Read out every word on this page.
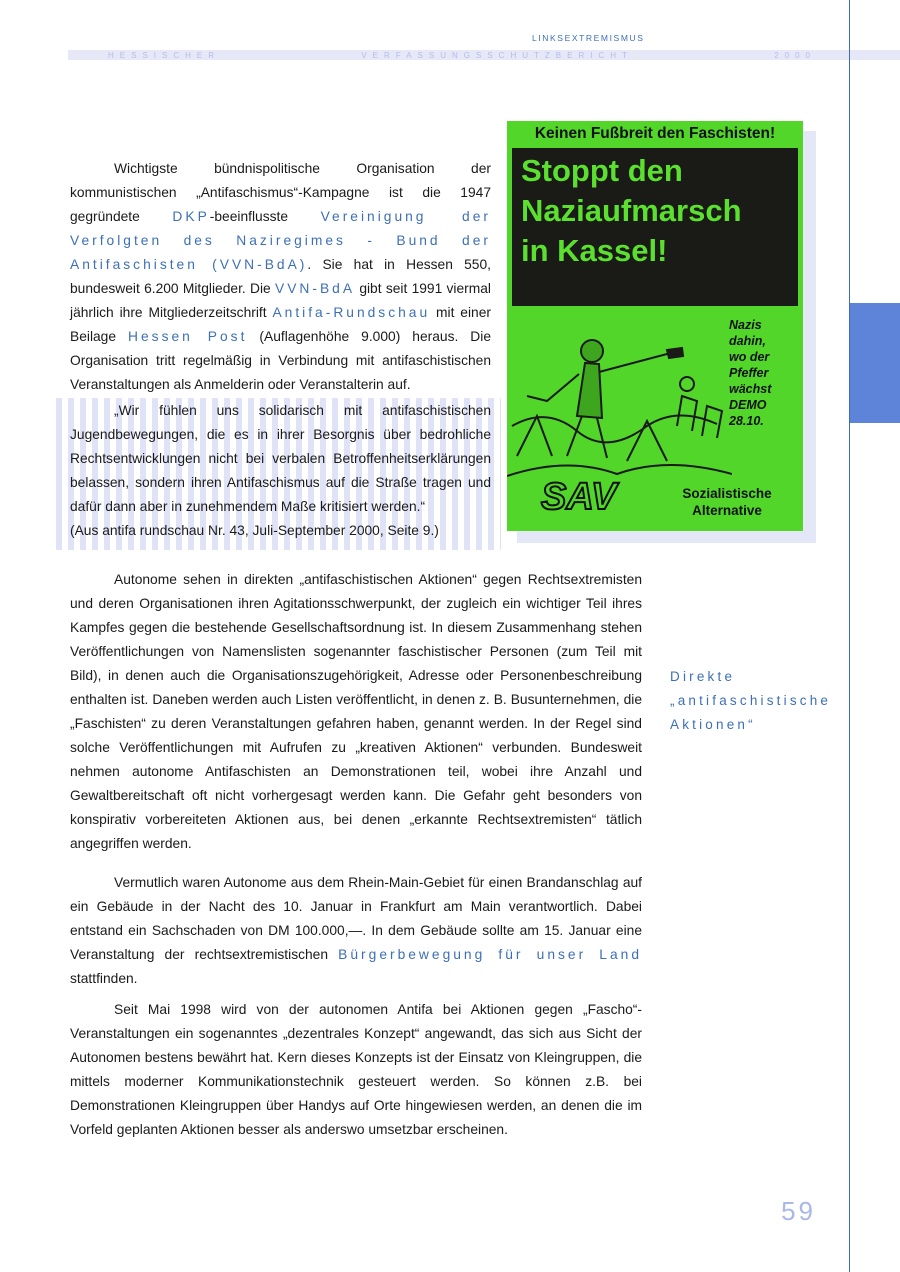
LINKSEXTREMISMUS
HESSISCHER	VERFASSUNGSSCHUTZBERICHT	2000

Wichtigste bündnispolitische Organisation der kommunistischen „Antifaschismus“-Kampagne ist die 1947 gegründete DKP-beeinflusste Vereinigung der Verfolgten des Naziregimes - Bund der Antifaschisten (VVN-BdA). Sie hat in Hessen 550, bundesweit 6.200 Mitglieder. Die VVN-BdA gibt seit 1991 viermal jährlich ihre Mitgliederzeitschrift Antifa-Rundschau mit einer Beilage Hessen Post (Auflagenhöhe 9.000) heraus. Die Organisation tritt regelmäßig in Verbindung mit antifaschistischen Veranstaltungen als Anmelderin oder Veranstalterin auf.

„Wir fühlen uns solidarisch mit antifaschistischen Jugendbewegungen, die es in ihrer Besorgnis über bedrohliche Rechtsentwicklungen nicht bei verbalen Betroffenheitserklärungen belassen, sondern ihren Antifaschismus auf die Straße tragen und dafür dann aber in zunehmendem Maße kritisiert werden.“
(Aus antifa rundschau Nr. 43, Juli-September 2000, Seite 9.)
Keinen Fußbreit den Faschisten!
Stoppt den
Naziaufmarsch
in Kassel!
Nazis
dahin,
wo der
Pfeffer
wächst
DEMO
28.10.
SAV	Sozialistische
Alternative

Autonome sehen in direkten „antifaschistischen Aktionen“ gegen Rechtsextremisten und deren Organisationen ihren Agitationsschwerpunkt, der zugleich ein wichtiger Teil ihres Kampfes gegen die bestehende Gesellschaftsordnung ist. In diesem Zusammenhang stehen Veröffentlichungen von Namenslisten sogenannter faschistischer Personen (zum Teil mit Bild), in denen auch die Organisationszugehörigkeit, Adresse oder Personenbeschreibung enthalten ist. Daneben werden auch Listen veröffentlicht, in denen z. B. Busunternehmen, die „Faschisten“ zu deren Veranstaltungen gefahren haben, genannt werden. In der Regel sind solche Veröffentlichungen mit Aufrufen zu „kreativen Aktionen“ verbunden. Bundesweit nehmen autonome Antifaschisten an Demonstrationen teil, wobei ihre Anzahl und Gewaltbereitschaft oft nicht vorhergesagt werden kann. Die Gefahr geht besonders von konspirativ vorbereiteten Aktionen aus, bei denen „erkannte Rechtsextremisten“ tätlich angegriffen werden.

Vermutlich waren Autonome aus dem Rhein-Main-Gebiet für einen Brandanschlag auf ein Gebäude in der Nacht des 10. Januar in Frankfurt am Main verantwortlich. Dabei entstand ein Sachschaden von DM 100.000,—. In dem Gebäude sollte am 15. Januar eine Veranstaltung der rechtsextremistischen Bürgerbewegung für unser Land stattfinden.

Seit Mai 1998 wird von der autonomen Antifa bei Aktionen gegen „Fascho“-Veranstaltungen ein sogenanntes „dezentrales Konzept“ angewandt, das sich aus Sicht der Autonomen bestens bewährt hat. Kern dieses Konzepts ist der Einsatz von Kleingruppen, die mittels moderner Kommunikationstechnik gesteuert werden. So können z.B. bei Demonstrationen Kleingruppen über Handys auf Orte hingewiesen werden, an denen die im Vorfeld geplanten Aktionen besser als anderswo umsetzbar erscheinen.

Direkte „antifaschistische Aktionen“
59
